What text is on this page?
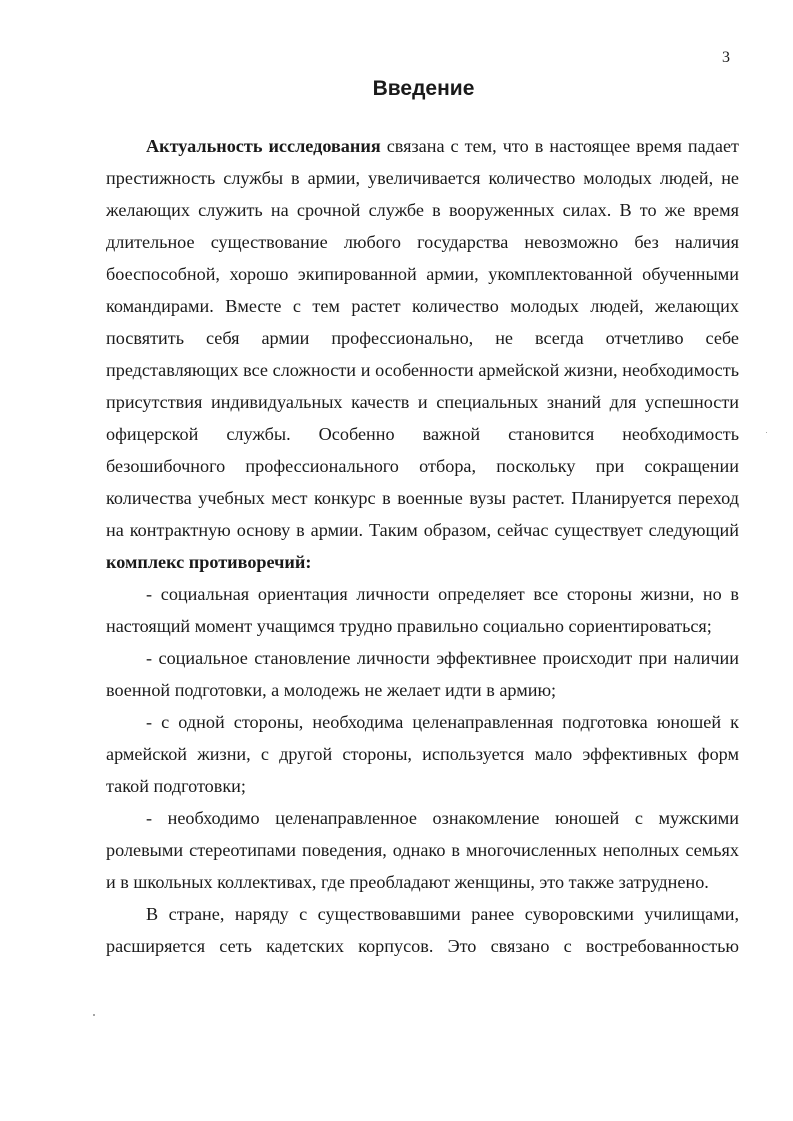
3
Введение

Актуальность исследования связана с тем, что в настоящее время падает престижность службы в армии, увеличивается количество молодых людей, не желающих служить на срочной службе в вооруженных силах. В то же время длительное существование любого государства невозможно без наличия боеспособной, хорошо экипированной армии, укомплектованной обученными командирами. Вместе с тем растет количество молодых людей, желающих посвятить себя армии профессионально, не всегда отчетливо себе представляющих все сложности и особенности армейской жизни, необходимость присутствия индивидуальных качеств и специальных знаний для успешности офицерской службы. Особенно важной становится необходимость безошибочного профессионального отбора, поскольку при сокращении количества учебных мест конкурс в военные вузы растет. Планируется переход на контрактную основу в армии. Таким образом, сейчас существует следующий комплекс противоречий:

- социальная ориентация личности определяет все стороны жизни, но в настоящий момент учащимся трудно правильно социально сориентироваться;

- социальное становление личности эффективнее происходит при наличии военной подготовки, а молодежь не желает идти в армию;

- с одной стороны, необходима целенаправленная подготовка юношей к армейской жизни, с другой стороны, используется мало эффективных форм такой подготовки;

- необходимо целенаправленное ознакомление юношей с мужскими ролевыми стереотипами поведения, однако в многочисленных неполных семьях и в школьных коллективах, где преобладают женщины, это также затруднено.

В стране, наряду с существовавшими ранее суворовскими училищами, расширяется сеть кадетских корпусов. Это связано с востребованностью
